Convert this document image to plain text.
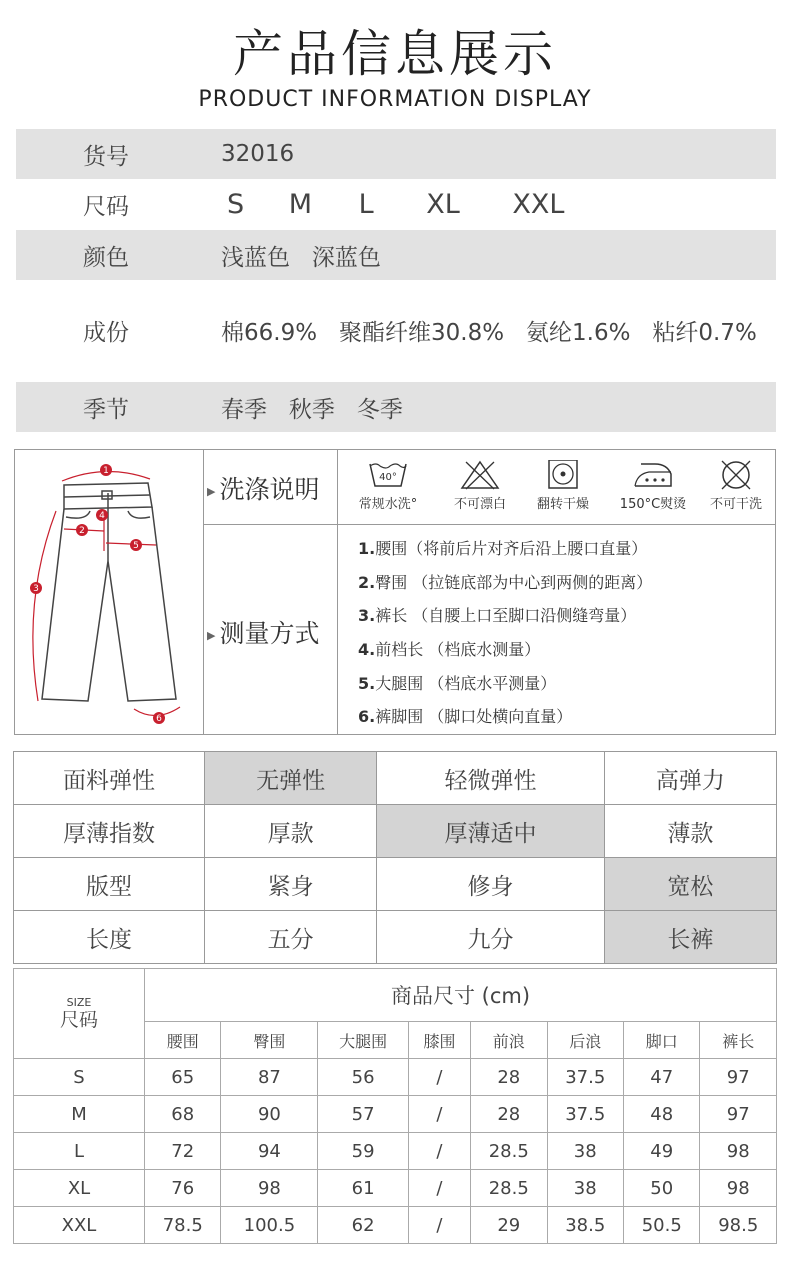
产品信息展示
PRODUCT INFORMATION DISPLAY
货号	32016
尺码	S M L XL XXL
颜色	浅蓝色   深蓝色
成份	棉66.9%   聚酯纤维30.8%   氨纶1.6%   粘纤0.7%
季节	春季   秋季   冬季
1
2
3
4
5
6
▶ 洗涤说明
▶ 测量方式
40°
常规水洗°	不可漂白	翻转干燥	150°C熨烫	不可干洗
1.腰围（将前后片对齐后沿上腰口直量）
2.臀围 （拉链底部为中心到两侧的距离）
3.裤长 （自腰上口至脚口沿侧缝弯量）
4.前档长 （档底水测量）
5.大腿围 （档底水平测量）
6.裤脚围 （脚口处横向直量）
面料弹性	无弹性	轻微弹性	高弹力
厚薄指数	厚款	厚薄适中	薄款
版型	紧身	修身	宽松
长度	五分	九分	长裤
SIZE
尺码	商品尺寸 (cm)							
	腰围	臀围	大腿围	膝围	前浪	后浪	脚口	裤长
S	65	87	56	/	28	37.5	47	97
M	68	90	57	/	28	37.5	48	97
L	72	94	59	/	28.5	38	49	98
XL	76	98	61	/	28.5	38	50	98
XXL	78.5	100.5	62	/	29	38.5	50.5	98.5
